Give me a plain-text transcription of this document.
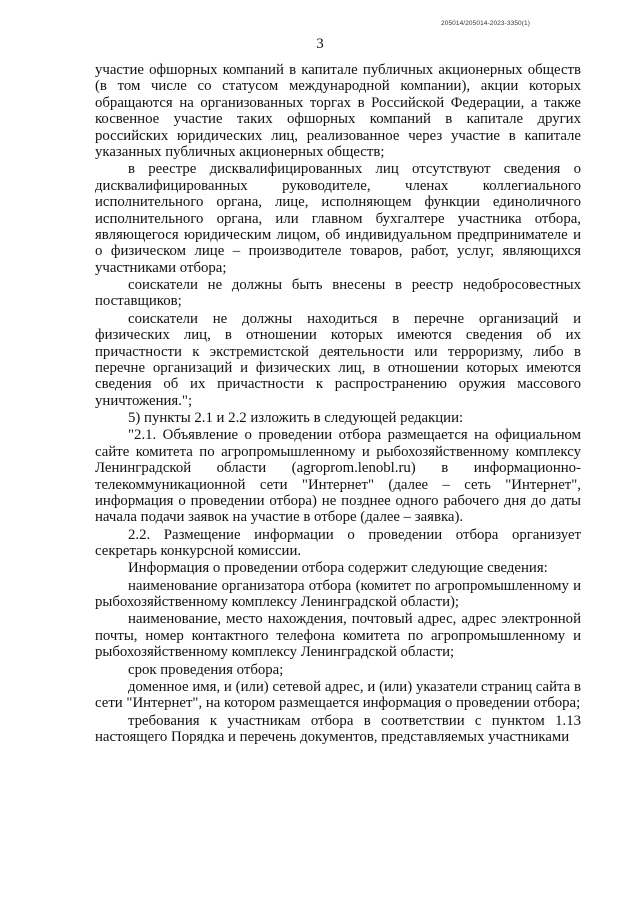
205014/205014-2023-3350(1)
3

участие офшорных компаний в капитале публичных акционерных обществ (в том числе со статусом международной компании), акции которых обращаются на организованных торгах в Российской Федерации, а также косвенное участие таких офшорных компаний в капитале других российских юридических лиц, реализованное через участие в капитале указанных публичных акционерных обществ;

в реестре дисквалифицированных лиц отсутствуют сведения о дисквалифицированных руководителе, членах коллегиального исполнительного органа, лице, исполняющем функции единоличного исполнительного органа, или главном бухгалтере участника отбора, являющегося юридическим лицом, об индивидуальном предпринимателе и о физическом лице – производителе товаров, работ, услуг, являющихся участниками отбора;

соискатели не должны быть внесены в реестр недобросовестных поставщиков;

соискатели не должны находиться в перечне организаций и физических лиц, в отношении которых имеются сведения об их причастности к экстремистской деятельности или терроризму, либо в перечне организаций и физических лиц, в отношении которых имеются сведения об их причастности к распространению оружия массового уничтожения.";

5) пункты 2.1 и 2.2 изложить в следующей редакции:

"2.1. Объявление о проведении отбора размещается на официальном сайте комитета по агропромышленному и рыбохозяйственному комплексу Ленинградской области (agroprom.lenobl.ru) в информационно-телекоммуникационной сети "Интернет" (далее – сеть "Интернет", информация о проведении отбора) не позднее одного рабочего дня до даты начала подачи заявок на участие в отборе (далее – заявка).

2.2. Размещение информации о проведении отбора организует секретарь конкурсной комиссии.

Информация о проведении отбора содержит следующие сведения:

наименование организатора отбора (комитет по агропромышленному и рыбохозяйственному комплексу Ленинградской области);

наименование, место нахождения, почтовый адрес, адрес электронной почты, номер контактного телефона комитета по агропромышленному и рыбохозяйственному комплексу Ленинградской области;

срок проведения отбора;

доменное имя, и (или) сетевой адрес, и (или) указатели страниц сайта в сети "Интернет", на котором размещается информация о проведении отбора;

требования к участникам отбора в соответствии с пунктом 1.13 настоящего Порядка и перечень документов, представляемых участниками
